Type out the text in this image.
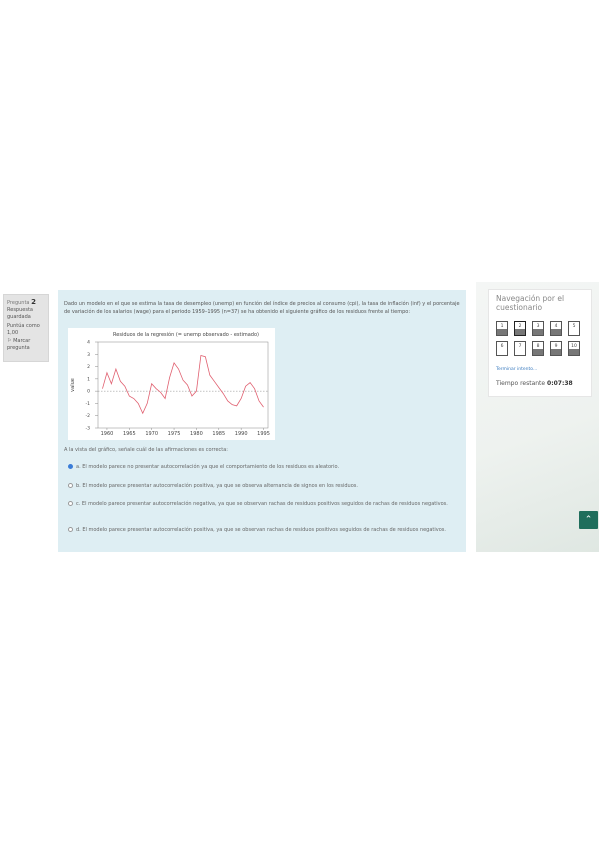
Pregunta 2
Respuesta guardada
Puntúa como 1,00
⚐ Marcar pregunta
Dado un modelo en el que se estima la tasa de desempleo (unemp) en función del índice de precios al consumo (cpi), la tasa de inflación (inf) y el porcentaje de variación de los salarios (wage) para el periodo 1959–1995 (n=37) se ha obtenido el siguiente gráfico de los residuos frente al tiempo:
Residuos de la regresión (= unemp observado - estimado)
4
3
2
1
0
-1
-2
-3
1960 1965 1970 1975 1980 1985 1990 1995
value
A la vista del gráfico, señale cuál de las afirmaciones es correcta:
a. El modelo parece no presentar autocorrelación ya que el comportamiento de los residuos es aleatorio.
b. El modelo parece presentar autocorrelación positiva, ya que se observa alternancia de signos en los residuos.
c. El modelo parece presentar autocorrelación negativa, ya que se observan rachas de residuos positivos seguidos de rachas de residuos negativos.
d. El modelo parece presentar autocorrelación positiva, ya que se observan rachas de residuos positivos seguidos de rachas de residuos negativos.
Navegación por el cuestionario
Terminar intento...
Tiempo restante 0:07:38
1	2	3	4	5
6	7	8	9	10
⌃
